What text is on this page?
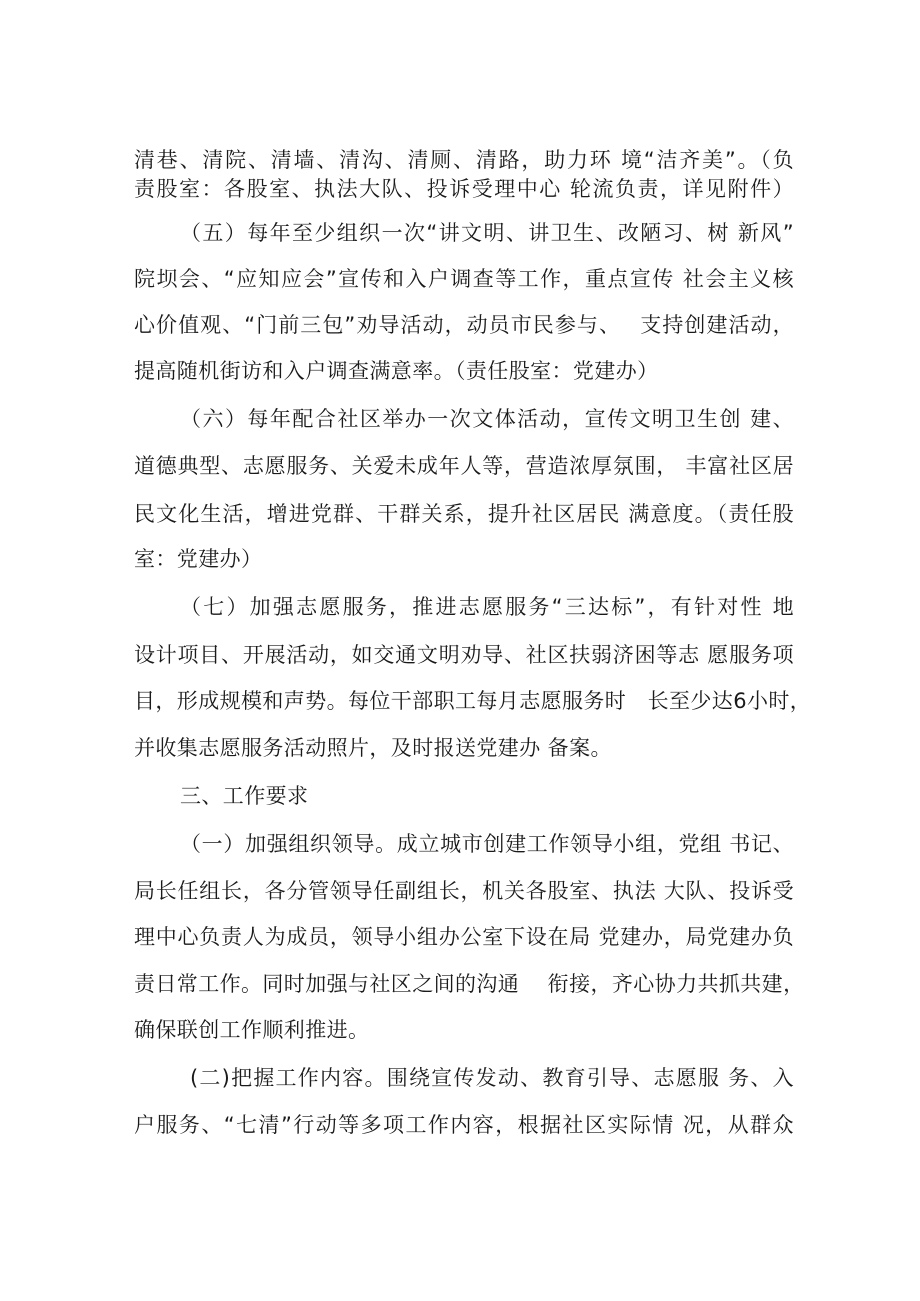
清巷、清院、清墙、清沟、清厕、清路，助力环 境“洁齐美”。（负
责股室：各股室、执法大队、投诉受理中心 轮流负责，详见附件）
（五）每年至少组织一次“讲文明、讲卫生、改陋习、树 新风”
院坝会、“应知应会”宣传和入户调查等工作，重点宣传 社会主义核
心价值观、“门前三包”劝导活动，动员市民参与、　 支持创建活动，
提高随机街访和入户调查满意率。（责任股室：党建办）
（六）每年配合社区举办一次文体活动，宣传文明卫生创 建、
道德典型、志愿服务、关爱未成年人等，营造浓厚氛围， 丰富社区居
民文化生活，增进党群、干群关系，提升社区居民 满意度。（责任股
室：党建办）
（七）加强志愿服务，推进志愿服务“三达标”，有针对性 地
设计项目、开展活动，如交通文明劝导、社区扶弱济困等志 愿服务项
目，形成规模和声势。每位干部职工每月志愿服务时　长至少达6小时，
并收集志愿服务活动照片，及时报送党建办 备案。
三、工作要求
（一）加强组织领导。成立城市创建工作领导小组，党组 书记、
局长任组长，各分管领导任副组长，机关各股室、执法 大队、投诉受
理中心负责人为成员，领导小组办公室下设在局 党建办，局党建办负
责日常工作。同时加强与社区之间的沟通　 衔接，齐心协力共抓共建，
确保联创工作顺利推进。
(二)把握工作内容。围绕宣传发动、教育引导、志愿服 务、入
户服务、“七清”行动等多项工作内容，根据社区实际情 况，从群众
